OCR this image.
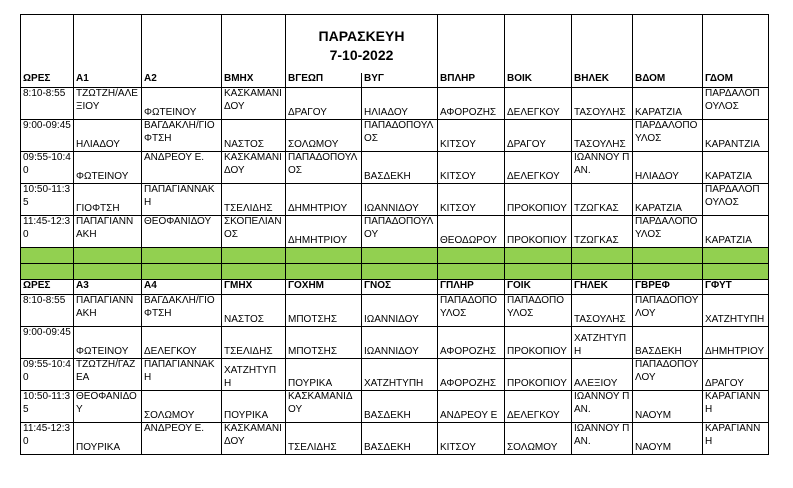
				ΠΑΡΑΣΚΕΥΗ
7-10-2022						

ΩΡΕΣ	Α1	Α2	ΒΜΗΧ	ΒΓΕΩΠ	ΒΥΓ	ΒΠΛΗΡ	ΒΟΙΚ	ΒΗΛΕΚ	ΒΔΟΜ	ΓΔΟΜ
8:10-8:55	ΤΖΩΤΖΗ/ΑΛΕΞΙΟΥ	ΦΩΤΕΙΝΟΥ	ΚΑΣΚΑΜΑΝΙΔΟΥ	ΔΡΑΓΟΥ	ΗΛΙΑΔΟΥ	ΑΦΟΡΟΖΗΣ	ΔΕΛΕΓΚΟΥ	ΤΑΣΟΥΛΗΣ	ΚΑΡΑΤΖΙΑ	ΠΑΡΔΑΛΟΠΟΥΛΟΣ
9:00-09:45	ΗΛΙΑΔΟΥ	ΒΑΓΔΑΚΛΗ/ΓΙΟΦΤΣΗ	ΝΑΣΤΟΣ	ΣΟΛΩΜΟΥ	ΠΑΠΑΔΟΠΟΥΛΟΣ	ΚΙΤΣΟΥ	ΔΡΑΓΟΥ	ΤΑΣΟΥΛΗΣ	ΠΑΡΔΑΛΟΠΟΥΛΟΣ	ΚΑΡΑΝΤΖΙΑ
09:55-10:40	ΦΩΤΕΙΝΟΥ	ΑΝΔΡΕΟΥ Ε.	ΚΑΣΚΑΜΑΝΙΔΟΥ	ΠΑΠΑΔΟΠΟΥΛΟΣ	ΒΑΣΔΕΚΗ	ΚΙΤΣΟΥ	ΔΕΛΕΓΚΟΥ	ΙΩΑΝΝΟΥ ΠΑΝ.	ΗΛΙΑΔΟΥ	ΚΑΡΑΤΖΙΑ
10:50-11:35	ΓΙΟΦΤΣΗ	ΠΑΠΑΓΙΑΝΝΑΚΗ	ΤΣΕΛΙΔΗΣ	ΔΗΜΗΤΡΙΟΥ	ΙΩΑΝΝΙΔΟΥ	ΚΙΤΣΟΥ	ΠΡΟΚΟΠΙΟΥ	ΤΖΩΓΚΑΣ	ΚΑΡΑΤΖΙΑ	ΠΑΡΔΑΛΟΠΟΥΛΟΣ
11:45-12:30	ΠΑΠΑΓΙΑΝΝΑΚΗ	ΘΕΟΦΑΝΙΔΟΥ	ΣΚΟΠΕΛΙΑΝΟΣ	ΔΗΜΗΤΡΙΟΥ	ΠΑΠΑΔΟΠΟΥΛΟΥ	ΘΕΟΔΩΡΟΥ	ΠΡΟΚΟΠΙΟΥ	ΤΖΩΓΚΑΣ	ΠΑΡΔΑΛΟΠΟΥΛΟΣ	ΚΑΡΑΤΖΙΑ

ΩΡΕΣ	Α3	Α4	ΓΜΗΧ	ΓΟΧΗΜ	ΓΝΟΣ	ΓΠΛΗΡ	ΓΟΙΚ	ΓΗΛΕΚ	ΓΒΡΕΦ	ΓΦΥΤ
8:10-8:55	ΠΑΠΑΓΙΑΝΝΑΚΗ	ΒΑΓΔΑΚΛΗ/ΓΙΟΦΤΣΗ	ΝΑΣΤΟΣ	ΜΠΟΤΣΗΣ	ΙΩΑΝΝΙΔΟΥ	ΠΑΠΑΔΟΠΟΥΛΟΣ	ΠΑΠΑΔΟΠΟΥΛΟΣ	ΤΑΣΟΥΛΗΣ	ΠΑΠΑΔΟΠΟΥΛΟΥ	ΧΑΤΖΗΤΥΠΗ
9:00-09:45	ΦΩΤΕΙΝΟΥ	ΔΕΛΕΓΚΟΥ	ΤΣΕΛΙΔΗΣ	ΜΠΟΤΣΗΣ	ΙΩΑΝΝΙΔΟΥ	ΑΦΟΡΟΖΗΣ	ΠΡΟΚΟΠΙΟΥ	ΧΑΤΖΗΤΥΠΗ	ΒΑΣΔΕΚΗ	ΔΗΜΗΤΡΙΟΥ
09:55-10:40	ΤΖΩΤΖΗ/ΓΑΖΕΑ	ΠΑΠΑΓΙΑΝΝΑΚΗ	ΧΑΤΖΗΤΥΠΗ	ΠΟΥΡΙΚΑ	ΧΑΤΖΗΤΥΠΗ	ΑΦΟΡΟΖΗΣ	ΠΡΟΚΟΠΙΟΥ	ΑΛΕΞΙΟΥ	ΠΑΠΑΔΟΠΟΥΛΟΥ	ΔΡΑΓΟΥ
10:50-11:35	ΘΕΟΦΑΝΙΔΟΥ	ΣΟΛΩΜΟΥ	ΠΟΥΡΙΚΑ	ΚΑΣΚΑΜΑΝΙΔΟΥ	ΒΑΣΔΕΚΗ	ΑΝΔΡΕΟΥ Ε	ΔΕΛΕΓΚΟΥ	ΙΩΑΝΝΟΥ ΠΑΝ.	ΝΑΟΥΜ	ΚΑΡΑΓΙΑΝΝΗ
11:45-12:30	ΠΟΥΡΙΚΑ	ΑΝΔΡΕΟΥ Ε.	ΚΑΣΚΑΜΑΝΙΔΟΥ	ΤΣΕΛΙΔΗΣ	ΒΑΣΔΕΚΗ	ΚΙΤΣΟΥ	ΣΟΛΩΜΟΥ	ΙΩΑΝΝΟΥ ΠΑΝ.	ΝΑΟΥΜ	ΚΑΡΑΓΙΑΝΝΗ
